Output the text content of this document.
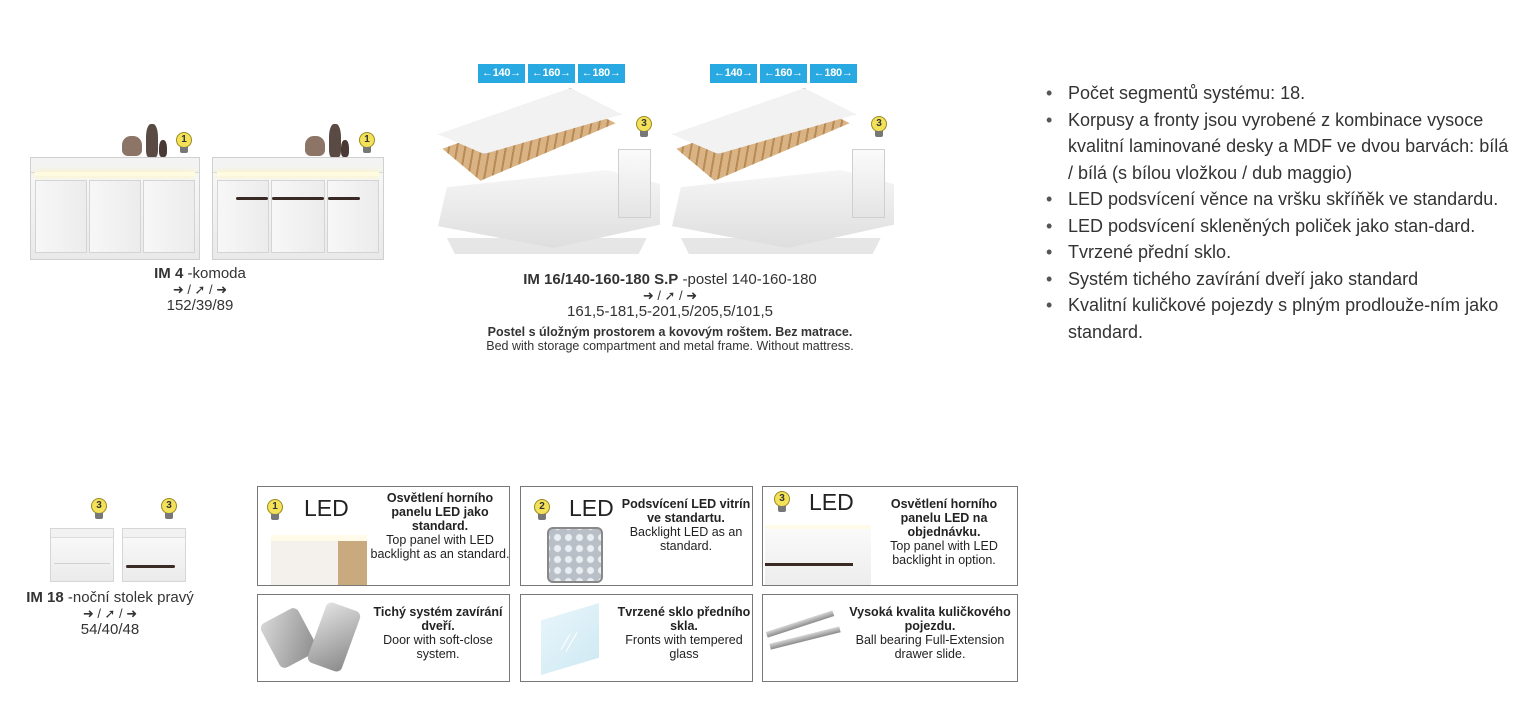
1	1
IM 4 -komoda
➜ / ➚ / ➜
152/39/89
←140→	←160→	←180→	←140→	←160→	←180→
3	3
IM 16/140-160-180 S.P -postel 140-160-180
➜ / ➚ / ➜
161,5-181,5-201,5/205,5/101,5
Postel s úložným prostorem a kovovým roštem. Bez matrace.
Bed with storage compartment and metal frame. Without mattress.
• Počet segmentů systému: 18.
• Korpusy a fronty jsou vyrobené z kombinace vysoce kvalitní laminované desky a MDF ve dvou barvách: bílá / bílá (s bílou vložkou / dub maggio)
• LED podsvícení věnce na vršku skříňěk ve standardu.
• LED podsvícení skleněných poliček jako stan-dard.
• Tvrzené přední sklo.
• Systém tichého zavírání dveří jako standard
• Kvalitní kuličkové pojezdy s plným prodlouže-ním jako standard.
3	3
IM 18 -noční stolek pravý
➜ / ➚ / ➜
54/40/48
1 LED	Osvětlení horního panelu LED jako standard.
Top panel with LED backlight as an standard.
2 LED Podsvícení LED vitrín ve standartu.
Backlight LED as an standard.
3 LED	Osvětlení horního panelu LED na objednávku.
Top panel with LED backlight in option.
Tichý systém zavírání dveří.
Door with soft-close system.
Tvrzené sklo předního skla.
Fronts with tempered glass
Vysoká kvalita kuličkového pojezdu.
Ball bearing Full-Extension drawer slide.
